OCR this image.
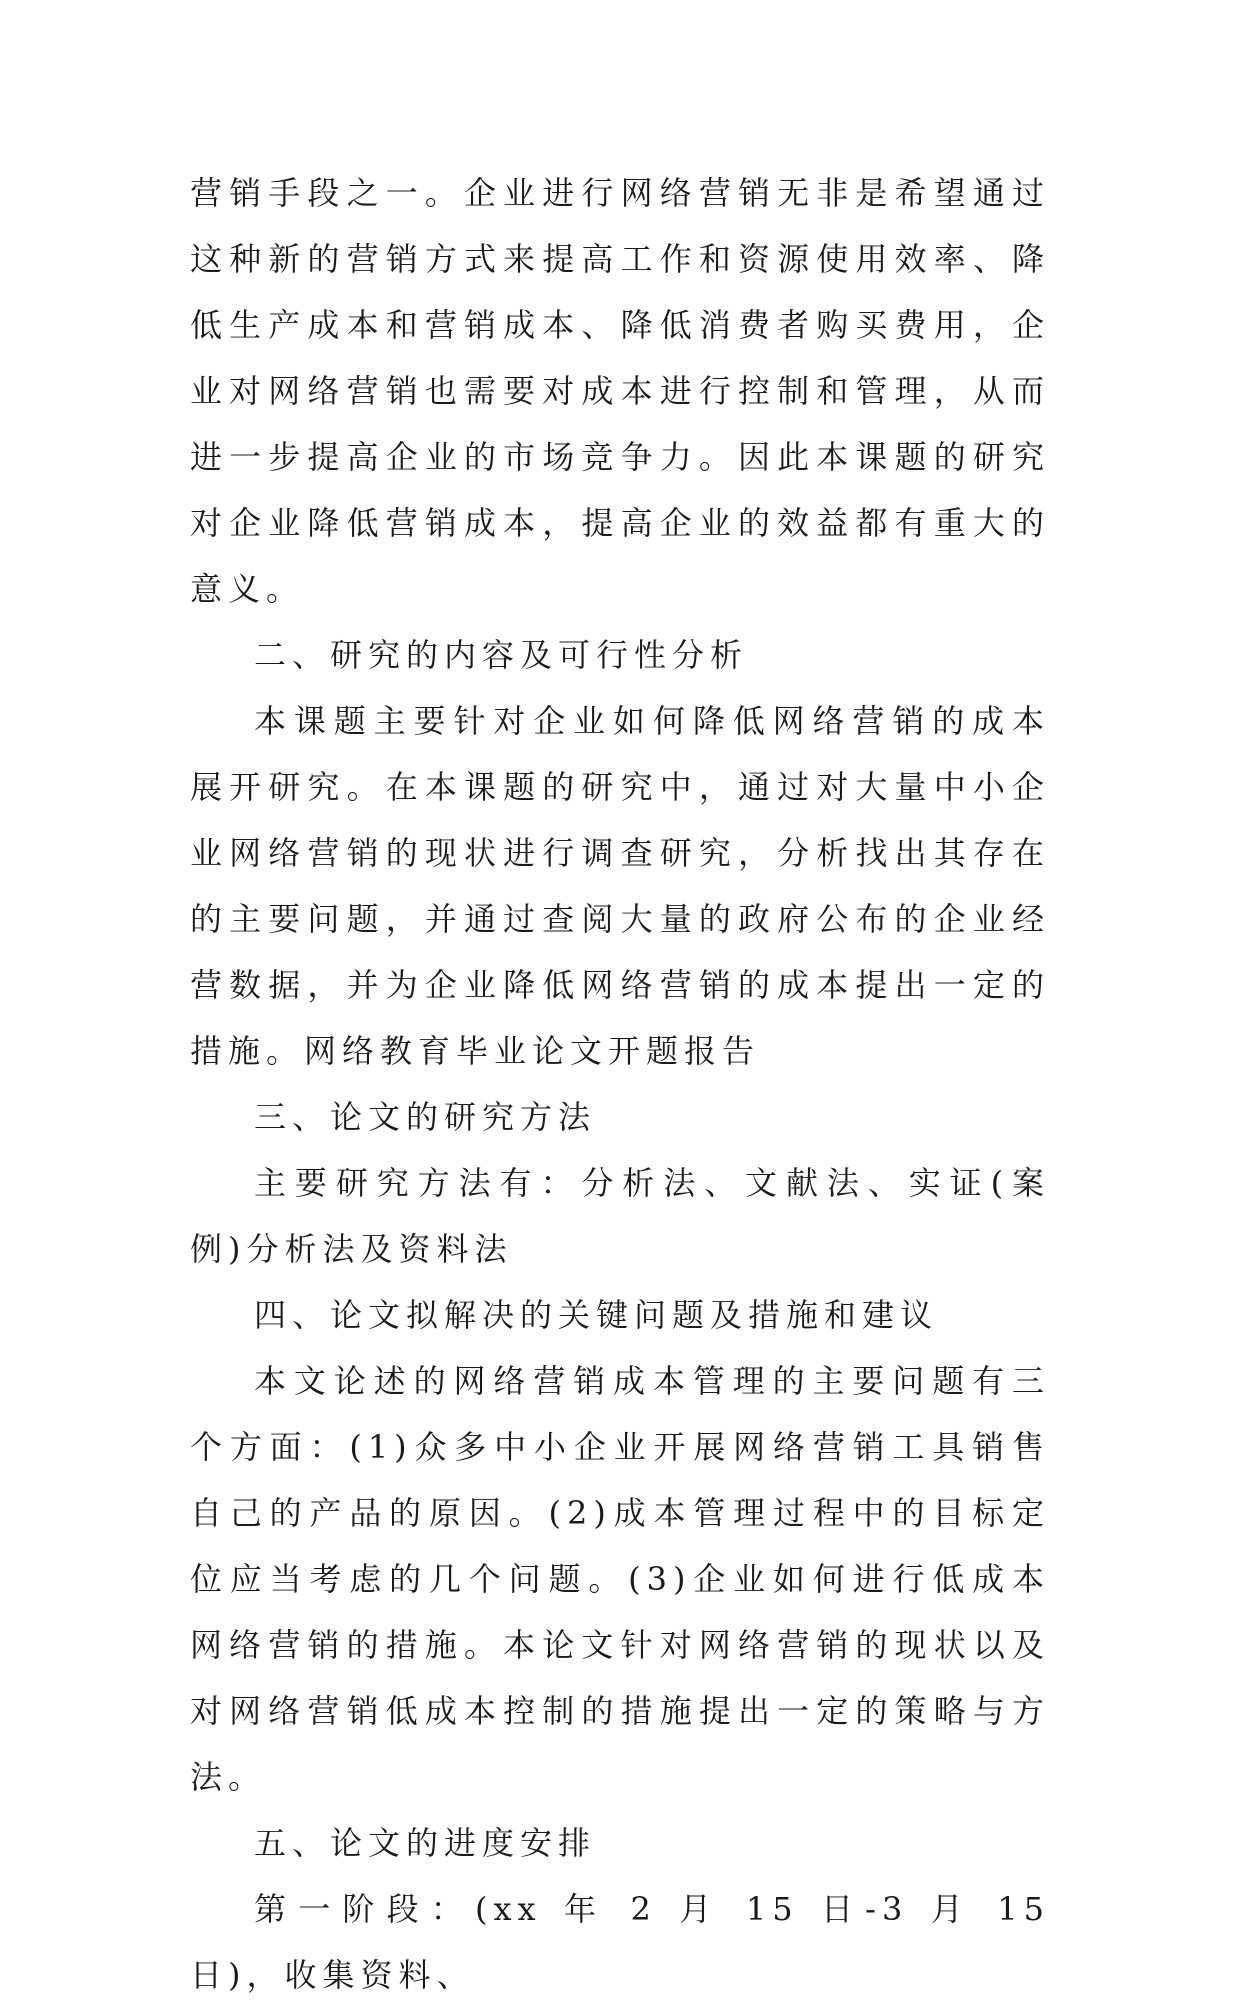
营销手段之一。企业进行网络营销无非是希望通过这种新的营销方式来提高工作和资源使用效率、降低生产成本和营销成本、降低消费者购买费用，企业对网络营销也需要对成本进行控制和管理，从而进一步提高企业的市场竞争力。因此本课题的研究对企业降低营销成本，提高企业的效益都有重大的意义。

二、研究的内容及可行性分析

本课题主要针对企业如何降低网络营销的成本展开研究。在本课题的研究中，通过对大量中小企业网络营销的现状进行调查研究，分析找出其存在的主要问题，并通过查阅大量的政府公布的企业经营数据，并为企业降低网络营销的成本提出一定的措施。网络教育毕业论文开题报告

三、论文的研究方法

主要研究方法有：分析法、文献法、实证(案例)分析法及资料法

四、论文拟解决的关键问题及措施和建议

本文论述的网络营销成本管理的主要问题有三个方面：(1)众多中小企业开展网络营销工具销售自己的产品的原因。(2)成本管理过程中的目标定位应当考虑的几个问题。(3)企业如何进行低成本网络营销的措施。本论文针对网络营销的现状以及对网络营销低成本控制的措施提出一定的策略与方法。

五、论文的进度安排

第一阶段：(xx 年 2 月 15 日-3 月 15 日)，收集资料、
